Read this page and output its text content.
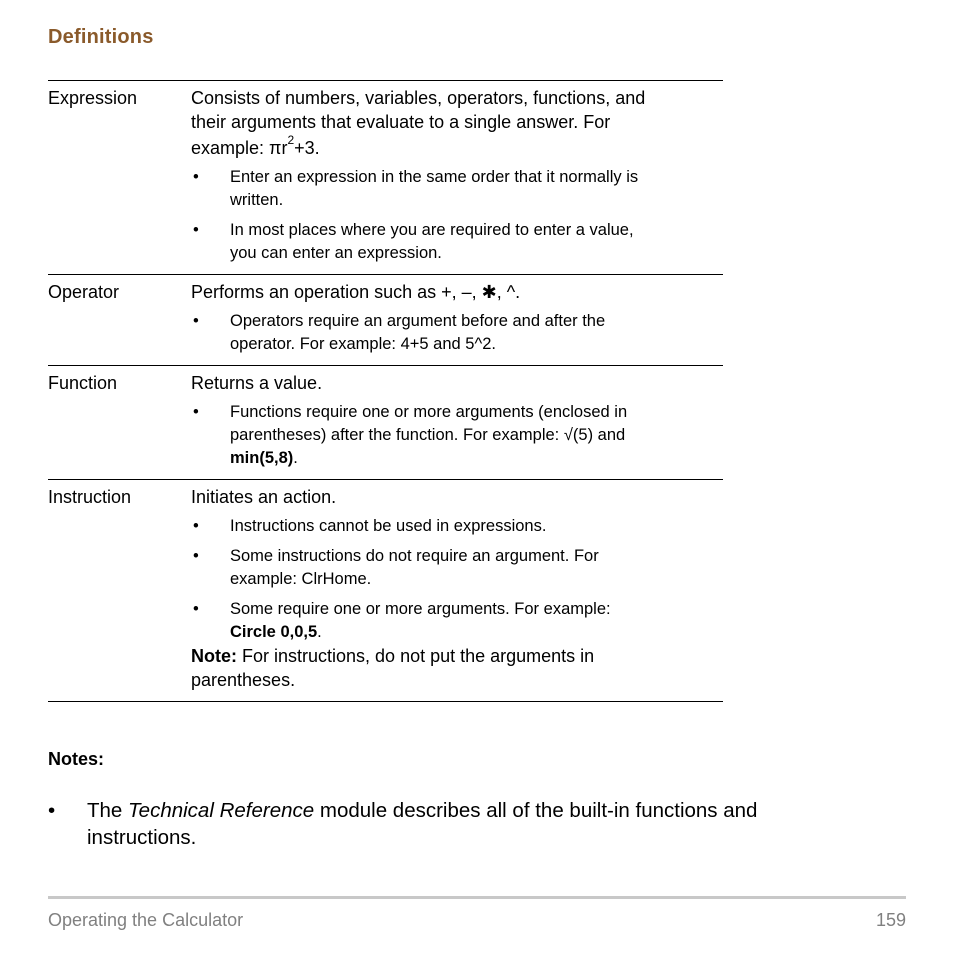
Definitions
Expression	Consists of numbers, variables, operators, functions, and

their arguments that evaluate to a single answer. For

example: $\pi r^2+3$.

• Enter an expression in the same order that it normally is
written.
• In most places where you are required to enter a value,
you can enter an expression.
Operator	Performs an operation such as +, –, ✱, ^.

• Operators require an argument before and after the
operator. For example: 4+5 and 5^2.
Function	Returns a value.

• Functions require one or more arguments (enclosed in
parentheses) after the function. For example: √(5) and
min(5,8).
Instruction	Initiates an action.

• Instructions cannot be used in expressions.
• Some instructions do not require an argument. For
example: ClrHome.
• Some require one or more arguments. For example:
Circle 0,0,5.

Note: For instructions, do not put the arguments in
parentheses.

Notes:
• The Technical Reference module describes all of the built-in functions and
instructions.
Operating the Calculator	159
